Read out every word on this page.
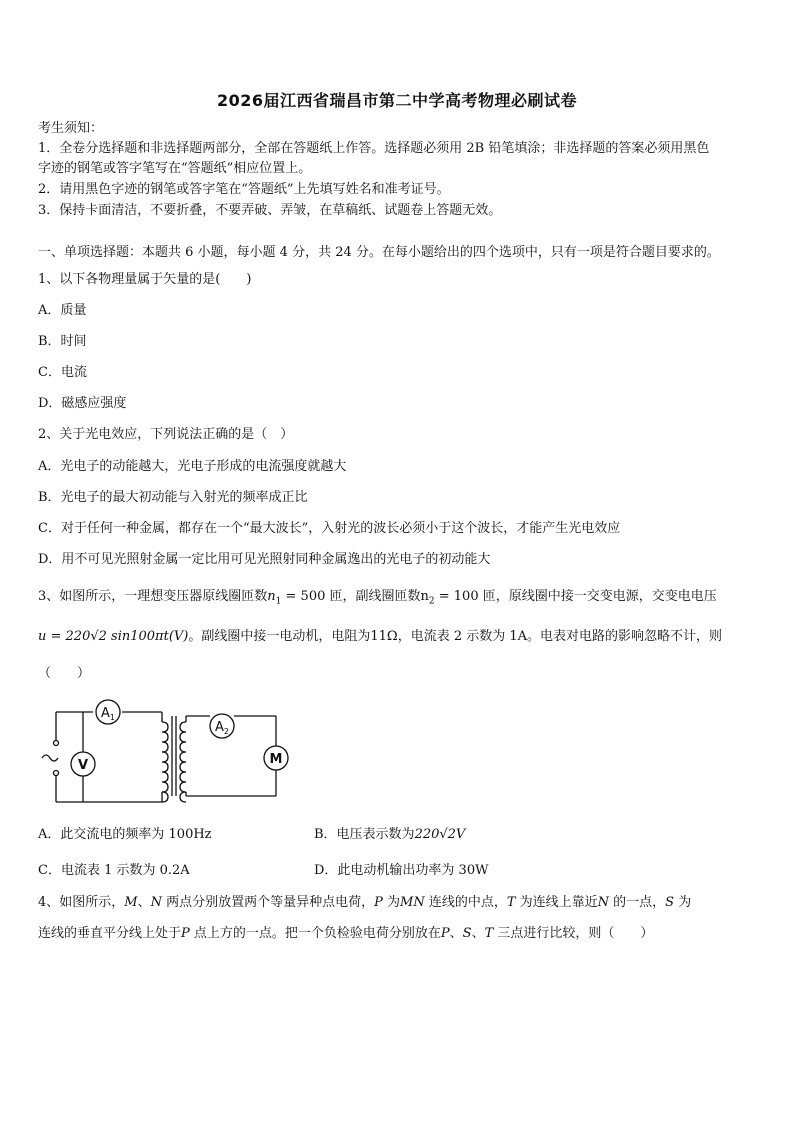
2026届江西省瑞昌市第二中学高考物理必刷试卷
考生须知：
1．全卷分选择题和非选择题两部分，全部在答题纸上作答。选择题必须用 2B 铅笔填涂；非选择题的答案必须用黑色
字迹的钢笔或答字笔写在“答题纸”相应位置上。
2．请用黑色字迹的钢笔或答字笔在“答题纸”上先填写姓名和准考证号。
3．保持卡面清洁，不要折叠，不要弄破、弄皱，在草稿纸、试题卷上答题无效。
一、单项选择题：本题共 6 小题，每小题 4 分，共 24 分。在每小题给出的四个选项中，只有一项是符合题目要求的。
1、以下各物理量属于矢量的是(　　)
A．质量
B．时间
C．电流
D．磁感应强度
2、关于光电效应，下列说法正确的是（　）
A．光电子的动能越大，光电子形成的电流强度就越大
B．光电子的最大初动能与入射光的频率成正比
C．对于任何一种金属，都存在一个“最大波长”，入射光的波长必须小于这个波长，才能产生光电效应
D．用不可见光照射金属一定比用可见光照射同种金属逸出的光电子的初动能大
3、如图所示，一理想变压器原线圈匝数$n_1 = 500$ 匝，副线圈匝数$n_2 = 100$ 匝，原线圈中接一交变电源，交变电电压
u = 220√2 sin100πt(V)。副线圈中接一电动机，电阻为11Ω，电流表 2 示数为 1A。电表对电路的影响忽略不计，则
（　　）
$A_1$
V
$A_2$
M
A．此交流电的频率为 100Hz	B．电压表示数为220√2V
C．电流表 1 示数为 0.2A	D．此电动机输出功率为 30W
4、如图所示，M、N 两点分别放置两个等量异种点电荷，P 为MN 连线的中点，T 为连线上靠近N 的一点，S 为
连线的垂直平分线上处于P 点上方的一点。把一个负检验电荷分别放在P、S、T 三点进行比较，则（　　）
